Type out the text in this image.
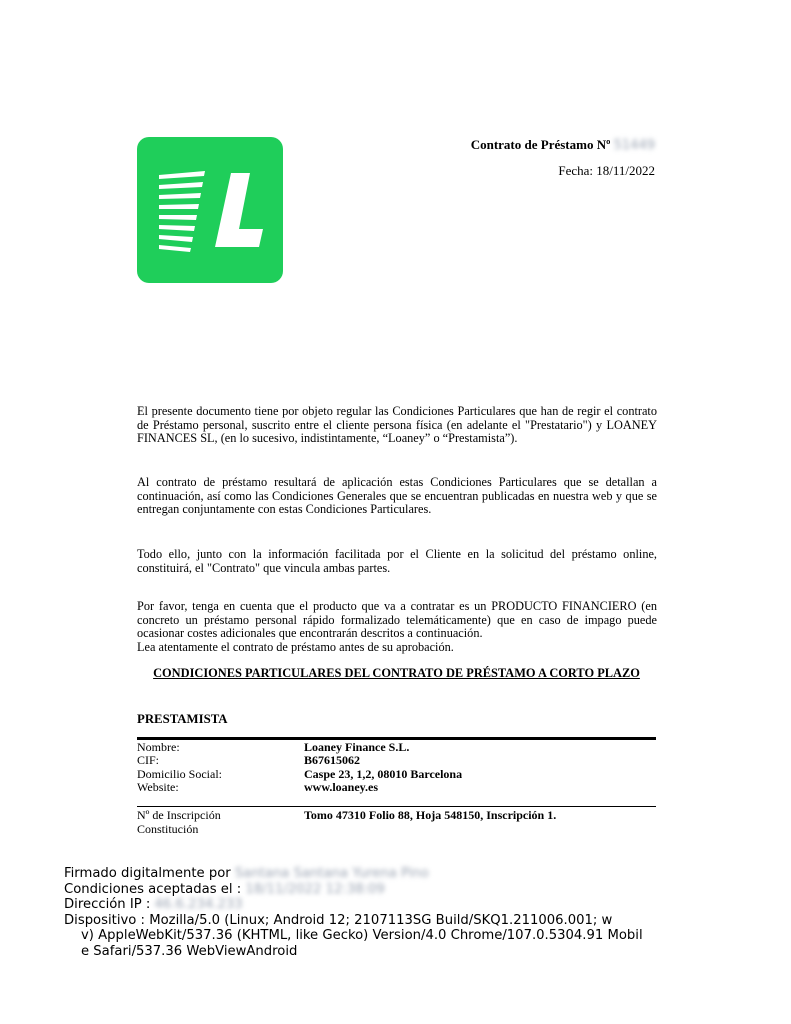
Contrato de Préstamo Nº 51449
Fecha: 18/11/2022

El presente documento tiene por objeto regular las Condiciones Particulares que han de regir el contrato de Préstamo personal, suscrito entre el cliente persona física (en adelante el "Prestatario") y LOANEY FINANCES SL, (en lo sucesivo, indistintamente, “Loaney” o “Prestamista”).

Al contrato de préstamo resultará de aplicación estas Condiciones Particulares que se detallan a continuación, así como las Condiciones Generales que se encuentran publicadas en nuestra web y que se entregan conjuntamente con estas Condiciones Particulares.

Todo ello, junto con la información facilitada por el Cliente en la solicitud del préstamo online, constituirá, el "Contrato" que vincula ambas partes.

Por favor, tenga en cuenta que el producto que va a contratar es un PRODUCTO FINANCIERO (en concreto un préstamo personal rápido formalizado telemáticamente) que en caso de impago puede ocasionar costes adicionales que encontrarán descritos a continuación.

Lea atentamente el contrato de préstamo antes de su aprobación.

CONDICIONES PARTICULARES DEL CONTRATO DE PRÉSTAMO A CORTO PLAZO
PRESTAMISTA
Nombre:
CIF:
Domicilio Social:
Website:
Loaney Finance S.L.
B67615062
Caspe 23, 1,2, 08010 Barcelona
www.loaney.es
Nº de Inscripción
Constitución
Tomo 47310 Folio 88, Hoja 548150, Inscripción 1.
Firmado digitalmente por Santana Santana Yurena Pino
Condiciones aceptadas el : 18/11/2022 12:38:09
Dirección IP : 46.6.234.233
Dispositivo : Mozilla/5.0 (Linux; Android 12; 2107113SG Build/SKQ1.211006.001; w
v) AppleWebKit/537.36 (KHTML, like Gecko) Version/4.0 Chrome/107.0.5304.91 Mobil
e Safari/537.36 WebViewAndroid
